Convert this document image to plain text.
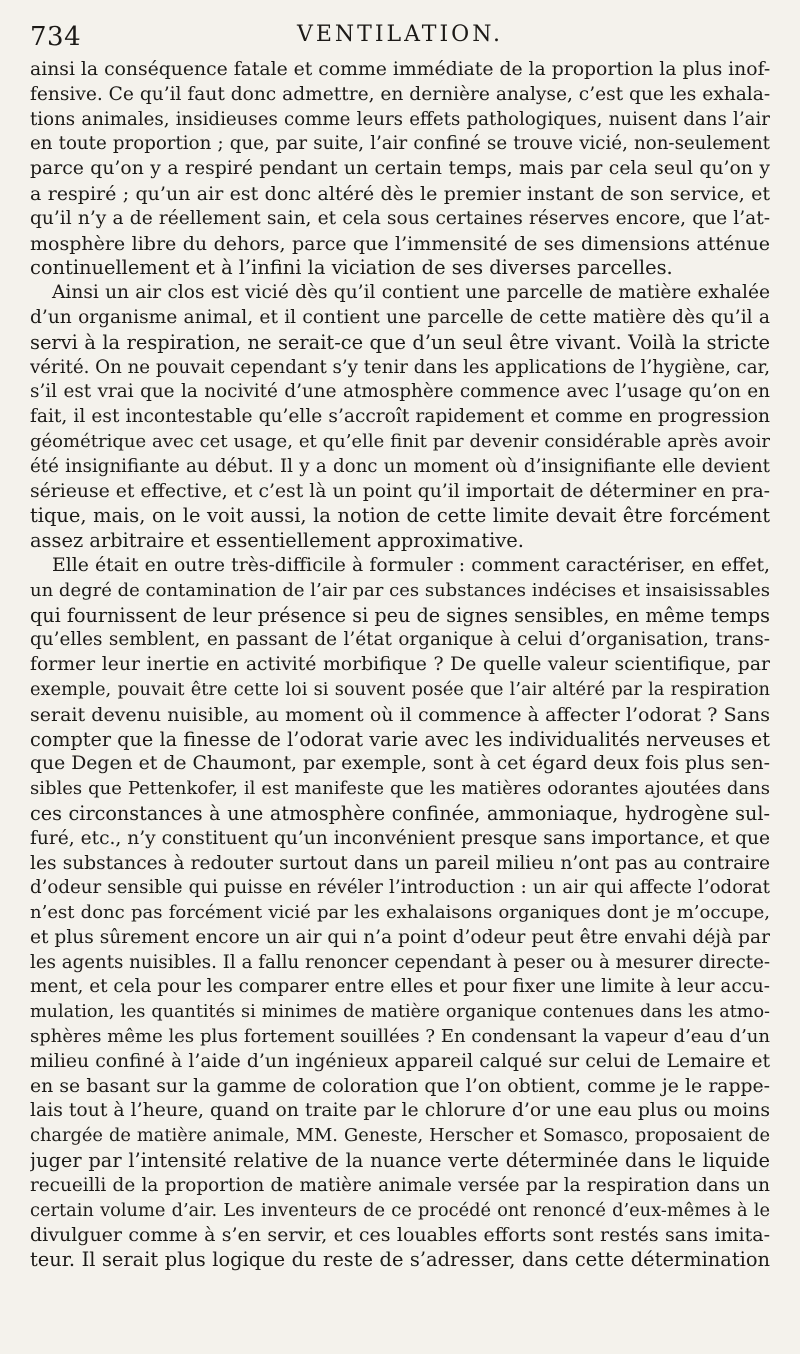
734	VENTILATION.
ainsi la conséquence fatale et comme immédiate de la proportion la plus inof-
fensive. Ce qu’il faut donc admettre, en dernière analyse, c’est que les exhala-
tions animales, insidieuses comme leurs effets pathologiques, nuisent dans l’air
en toute proportion ; que, par suite, l’air confiné se trouve vicié, non-seulement
parce qu’on y a respiré pendant un certain temps, mais par cela seul qu’on y
a respiré ; qu’un air est donc altéré dès le premier instant de son service, et
qu’il n’y a de réellement sain, et cela sous certaines réserves encore, que l’at-
mosphère libre du dehors, parce que l’immensité de ses dimensions atténue
continuellement et à l’infini la viciation de ses diverses parcelles.
Ainsi un air clos est vicié dès qu’il contient une parcelle de matière exhalée
d’un organisme animal, et il contient une parcelle de cette matière dès qu’il a
servi à la respiration, ne serait-ce que d’un seul être vivant. Voilà la stricte
vérité. On ne pouvait cependant s’y tenir dans les applications de l’hygiène, car,
s’il est vrai que la nocivité d’une atmosphère commence avec l’usage qu’on en
fait, il est incontestable qu’elle s’accroît rapidement et comme en progression
géométrique avec cet usage, et qu’elle finit par devenir considérable après avoir
été insignifiante au début. Il y a donc un moment où d’insignifiante elle devient
sérieuse et effective, et c’est là un point qu’il importait de déterminer en pra-
tique, mais, on le voit aussi, la notion de cette limite devait être forcément
assez arbitraire et essentiellement approximative.
Elle était en outre très-difficile à formuler : comment caractériser, en effet,
un degré de contamination de l’air par ces substances indécises et insaisissables
qui fournissent de leur présence si peu de signes sensibles, en même temps
qu’elles semblent, en passant de l’état organique à celui d’organisation, trans-
former leur inertie en activité morbifique ? De quelle valeur scientifique, par
exemple, pouvait être cette loi si souvent posée que l’air altéré par la respiration
serait devenu nuisible, au moment où il commence à affecter l’odorat ? Sans
compter que la finesse de l’odorat varie avec les individualités nerveuses et
que Degen et de Chaumont, par exemple, sont à cet égard deux fois plus sen-
sibles que Pettenkofer, il est manifeste que les matières odorantes ajoutées dans
ces circonstances à une atmosphère confinée, ammoniaque, hydrogène sul-
furé, etc., n’y constituent qu’un inconvénient presque sans importance, et que
les substances à redouter surtout dans un pareil milieu n’ont pas au contraire
d’odeur sensible qui puisse en révéler l’introduction : un air qui affecte l’odorat
n’est donc pas forcément vicié par les exhalaisons organiques dont je m’occupe,
et plus sûrement encore un air qui n’a point d’odeur peut être envahi déjà par
les agents nuisibles. Il a fallu renoncer cependant à peser ou à mesurer directe-
ment, et cela pour les comparer entre elles et pour fixer une limite à leur accu-
mulation, les quantités si minimes de matière organique contenues dans les atmo-
sphères même les plus fortement souillées ? En condensant la vapeur d’eau d’un
milieu confiné à l’aide d’un ingénieux appareil calqué sur celui de Lemaire et
en se basant sur la gamme de coloration que l’on obtient, comme je le rappe-
lais tout à l’heure, quand on traite par le chlorure d’or une eau plus ou moins
chargée de matière animale, MM. Geneste, Herscher et Somasco, proposaient de
juger par l’intensité relative de la nuance verte déterminée dans le liquide
recueilli de la proportion de matière animale versée par la respiration dans un
certain volume d’air. Les inventeurs de ce procédé ont renoncé d’eux-mêmes à le
divulguer comme à s’en servir, et ces louables efforts sont restés sans imita-
teur. Il serait plus logique du reste de s’adresser, dans cette détermination
